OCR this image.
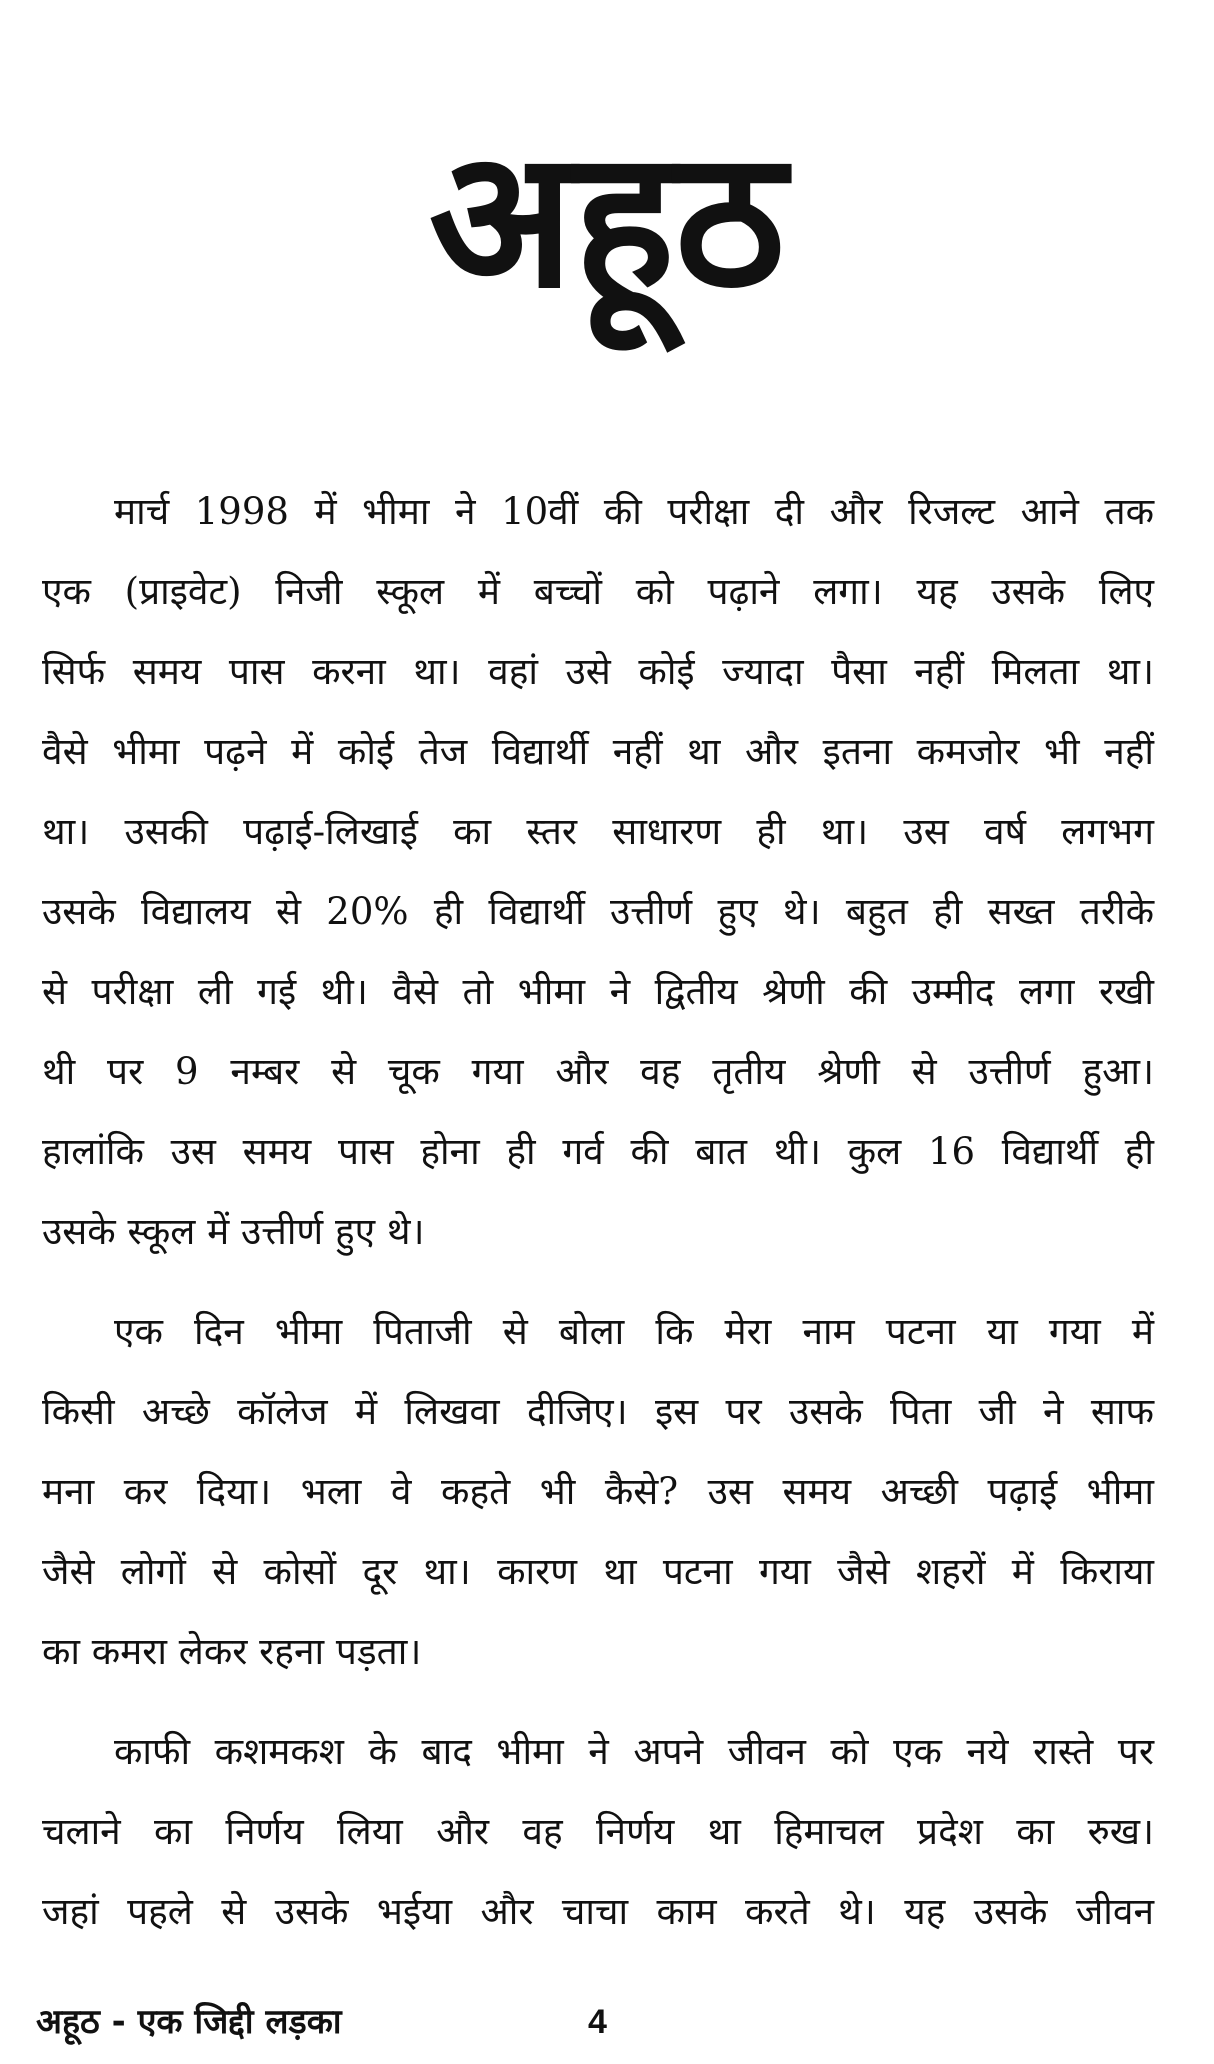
अहूठ
मार्च 1998 में भीमा ने 10वीं की परीक्षा दी और रिजल्ट आने तक
एक (प्राइवेट) निजी स्कूल में बच्चों को पढ़ाने लगा। यह उसके लिए
सिर्फ समय पास करना था। वहां उसे कोई ज्यादा पैसा नहीं मिलता था।
वैसे भीमा पढ़ने में कोई तेज विद्यार्थी नहीं था और इतना कमजोर भी नहीं
था। उसकी पढ़ाई-लिखाई का स्तर साधारण ही था। उस वर्ष लगभग
उसके विद्यालय से 20% ही विद्यार्थी उत्तीर्ण हुए थे। बहुत ही सख्त तरीके
से परीक्षा ली गई थी। वैसे तो भीमा ने द्वितीय श्रेणी की उम्मीद लगा रखी
थी पर 9 नम्बर से चूक गया और वह तृतीय श्रेणी से उत्तीर्ण हुआ।
हालांकि उस समय पास होना ही गर्व की बात थी। कुल 16 विद्यार्थी ही
उसके स्कूल में उत्तीर्ण हुए थे।
एक दिन भीमा पिताजी से बोला कि मेरा नाम पटना या गया में
किसी अच्छे कॉलेज में लिखवा दीजिए। इस पर उसके पिता जी ने साफ
मना कर दिया। भला वे कहते भी कैसे? उस समय अच्छी पढ़ाई भीमा
जैसे लोगों से कोसों दूर था। कारण था पटना गया जैसे शहरों में किराया
का कमरा लेकर रहना पड़ता।
काफी कशमकश के बाद भीमा ने अपने जीवन को एक नये रास्ते पर
चलाने का निर्णय लिया और वह निर्णय था हिमाचल प्रदेश का रुख।
जहां पहले से उसके भईया और चाचा काम करते थे। यह उसके जीवन
अहूठ - एक जिद्दी लड़का	4
